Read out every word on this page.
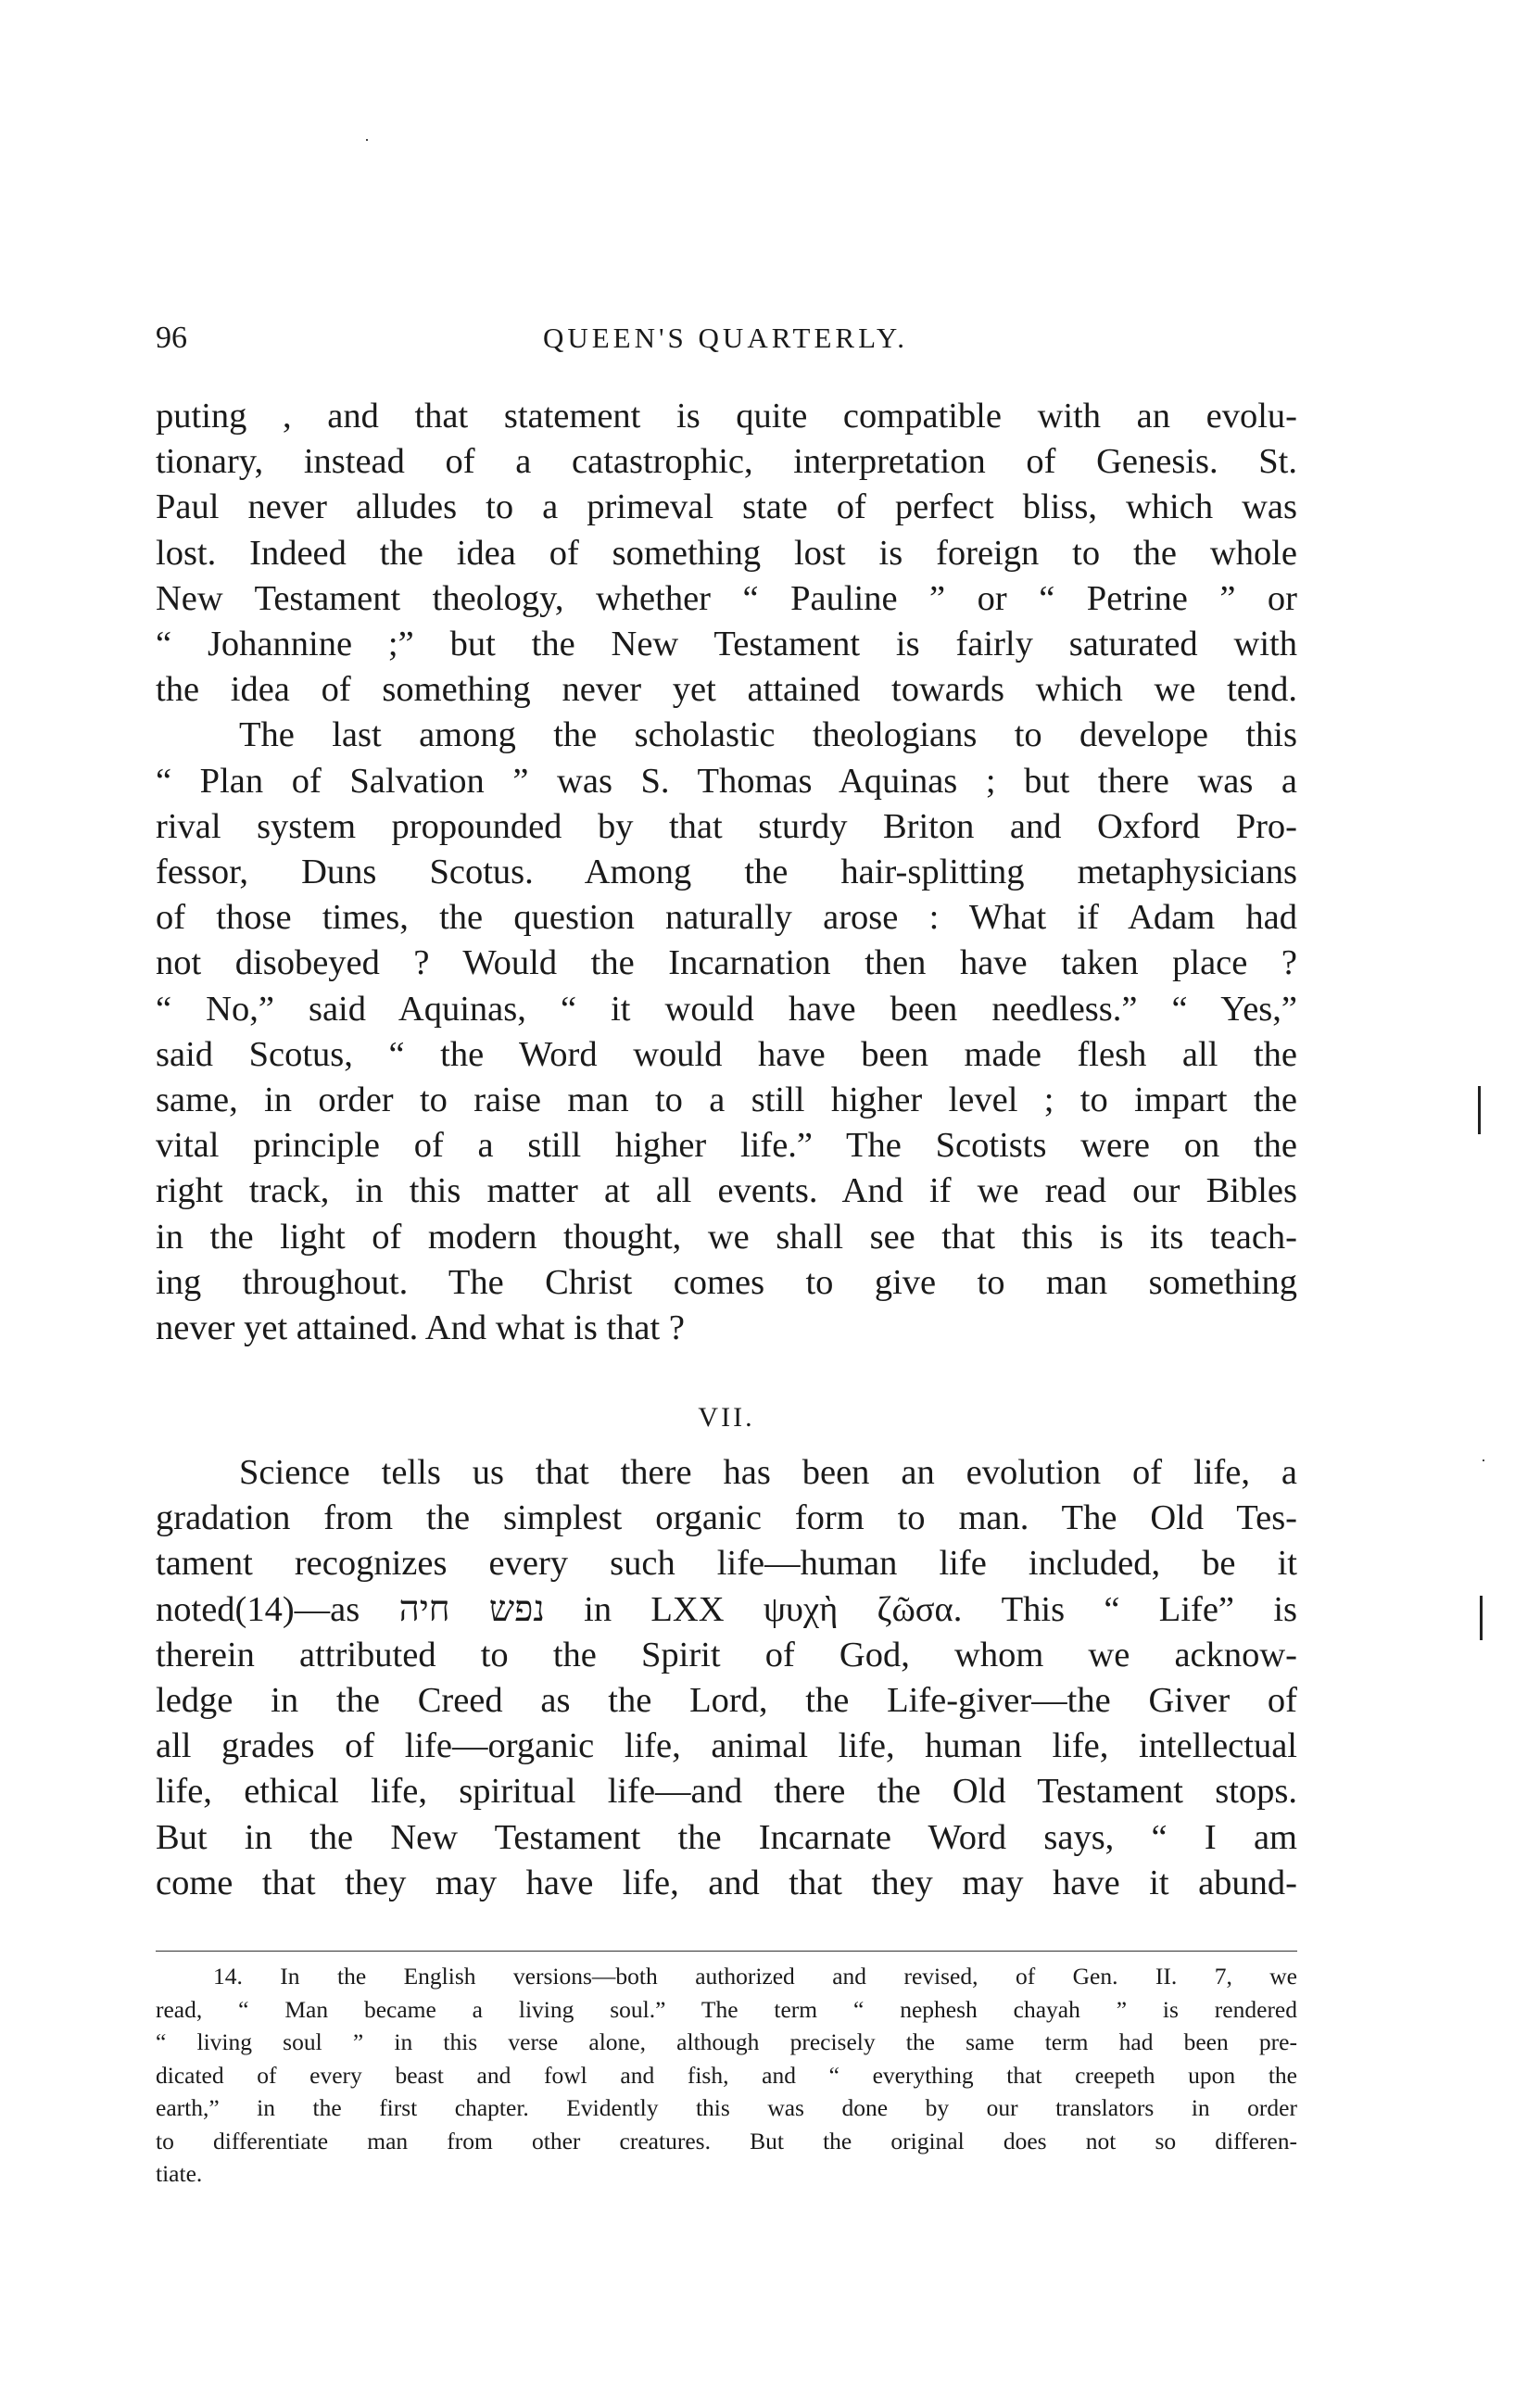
96	QUEEN'S QUARTERLY.
puting , and that statement is quite compatible with an evolu-
tionary, instead of a catastrophic, interpretation of Genesis. St.
Paul never alludes to a primeval state of perfect bliss, which was
lost. Indeed the idea of something lost is foreign to the whole
New Testament theology, whether “ Pauline ” or “ Petrine ” or
“ Johannine ;” but the New Testament is fairly saturated with
the idea of something never yet attained towards which we tend.
The last among the scholastic theologians to develope this
“ Plan of Salvation ” was S. Thomas Aquinas ; but there was a
rival system propounded by that sturdy Briton and Oxford Pro-
fessor, Duns Scotus. Among the hair-splitting metaphysicians
of those times, the question naturally arose : What if Adam had
not disobeyed ? Would the Incarnation then have taken place ?
“ No,” said Aquinas, “ it would have been needless.” “ Yes,”
said Scotus, “ the Word would have been made flesh all the
same, in order to raise man to a still higher level ; to impart the
vital principle of a still higher life.” The Scotists were on the
right track, in this matter at all events. And if we read our Bibles
in the light of modern thought, we shall see that this is its teach-
ing throughout. The Christ comes to give to man something
never yet attained. And what is that ?
VII.
Science tells us that there has been an evolution of life, a
gradation from the simplest organic form to man. The Old Tes-
tament recognizes every such life—human life included, be it
noted(14)—as נפש חיה in LXX ψυχὴ ζῶσα. This “ Life” is
therein attributed to the Spirit of God, whom we acknow-
ledge in the Creed as the Lord, the Life-giver—the Giver of
all grades of life—organic life, animal life, human life, intellectual
life, ethical life, spiritual life—and there the Old Testament stops.
But in the New Testament the Incarnate Word says, “ I am
come that they may have life, and that they may have it abund-
14. In the English versions—both authorized and revised, of Gen. II. 7, we
read, “ Man became a living soul.” The term “ nephesh chayah ” is rendered
“ living soul ” in this verse alone, although precisely the same term had been pre-
dicated of every beast and fowl and fish, and “ everything that creepeth upon the
earth,” in the first chapter. Evidently this was done by our translators in order
to differentiate man from other creatures. But the original does not so differen-
tiate.
